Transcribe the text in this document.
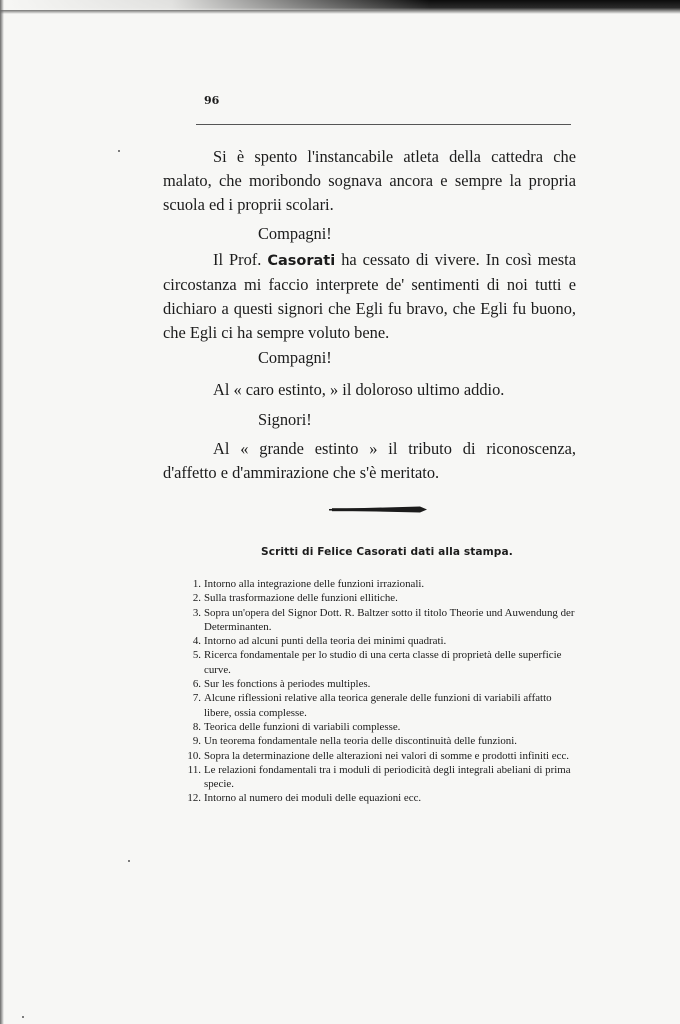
96
Si è spento l'instancabile atleta della cattedra che malato, che moribondo sognava ancora e sempre la propria scuola ed i proprii scolari.
Compagni!
Il Prof. Casorati ha cessato di vivere. In così mesta circostanza mi faccio interprete de' sentimenti di noi tutti e dichiaro a questi signori che Egli fu bravo, che Egli fu buono, che Egli ci ha sempre voluto bene.
Compagni!
Al « caro estinto, » il doloroso ultimo addio.
Signori!
Al « grande estinto » il tributo di riconoscenza, d'affetto e d'ammirazione che s'è meritato.
Scritti di Felice Casorati dati alla stampa.
1. Intorno alla integrazione delle funzioni irrazionali.
2. Sulla trasformazione delle funzioni ellitiche.
3. Sopra un'opera del Signor Dott. R. Baltzer sotto il titolo Theorie und Auwendung der Determinanten.
4. Intorno ad alcuni punti della teoria dei minimi quadrati.
5. Ricerca fondamentale per lo studio di una certa classe di proprietà delle superficie curve.
6. Sur les fonctions à periodes multiples.
7. Alcune riflessioni relative alla teorica generale delle funzioni di variabili affatto libere, ossia complesse.
8. Teorica delle funzioni di variabili complesse.
9. Un teorema fondamentale nella teoria delle discontinuità delle funzioni.
10. Sopra la determinazione delle alterazioni nei valori di somme e prodotti infiniti ecc.
11. Le relazioni fondamentali tra i moduli di periodicità degli integrali abeliani di prima specie.
12. Intorno al numero dei moduli delle equazioni ecc.
